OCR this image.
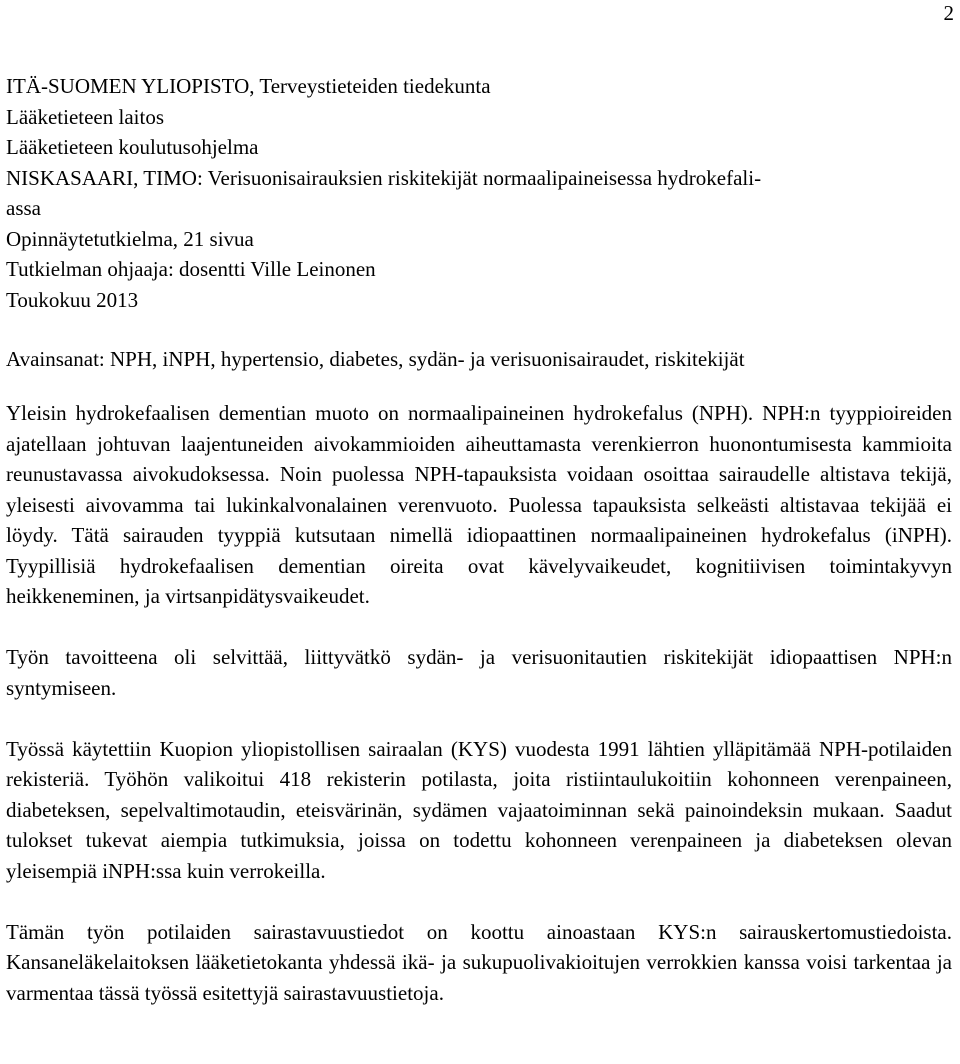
2
ITÄ-SUOMEN YLIOPISTO, Terveystieteiden tiedekunta
Lääketieteen laitos
Lääketieteen koulutusohjelma
NISKASAARI, TIMO: Verisuonisairauksien riskitekijät normaalipaineisessa hydrokefali-
assa
Opinnäytetutkielma, 21 sivua
Tutkielman ohjaaja: dosentti Ville Leinonen
Toukokuu 2013
Avainsanat: NPH, iNPH, hypertensio, diabetes, sydän- ja verisuonisairaudet, riskitekijät

Yleisin hydrokefaalisen dementian muoto on normaalipaineinen hydrokefalus (NPH). NPH:n tyyppioireiden ajatellaan johtuvan laajentuneiden aivokammioiden aiheuttamasta verenkierron huonontumisesta kammioita reunustavassa aivokudoksessa. Noin puolessa NPH-tapauksista voidaan osoittaa sairaudelle altistava tekijä, yleisesti aivovamma tai lukinkalvonalainen verenvuoto. Puolessa tapauksista selkeästi altistavaa tekijää ei löydy. Tätä sairauden tyyppiä kutsutaan nimellä idiopaattinen normaalipaineinen hydrokefalus (iNPH). Tyypillisiä hydrokefaalisen dementian oireita ovat kävelyvaikeudet, kognitiivisen toimintakyvyn heikkeneminen, ja virtsanpidätysvaikeudet.

Työn tavoitteena oli selvittää, liittyvätkö sydän- ja verisuonitautien riskitekijät idiopaattisen NPH:n syntymiseen.

Työssä käytettiin Kuopion yliopistollisen sairaalan (KYS) vuodesta 1991 lähtien ylläpitämää NPH-potilaiden rekisteriä. Työhön valikoitui 418 rekisterin potilasta, joita ristiintaulukoitiin kohonneen verenpaineen, diabeteksen, sepelvaltimotaudin, eteisvärinän, sydämen vajaatoiminnan sekä painoindeksin mukaan. Saadut tulokset tukevat aiempia tutkimuksia, joissa on todettu kohonneen verenpaineen ja diabeteksen olevan yleisempiä iNPH:ssa kuin verrokeilla.

Tämän työn potilaiden sairastavuustiedot on koottu ainoastaan KYS:n sairauskertomustiedoista. Kansaneläkelaitoksen lääketietokanta yhdessä ikä- ja sukupuolivakioitujen verrokkien kanssa voisi tarkentaa ja varmentaa tässä työssä esitettyjä sairastavuustietoja.
